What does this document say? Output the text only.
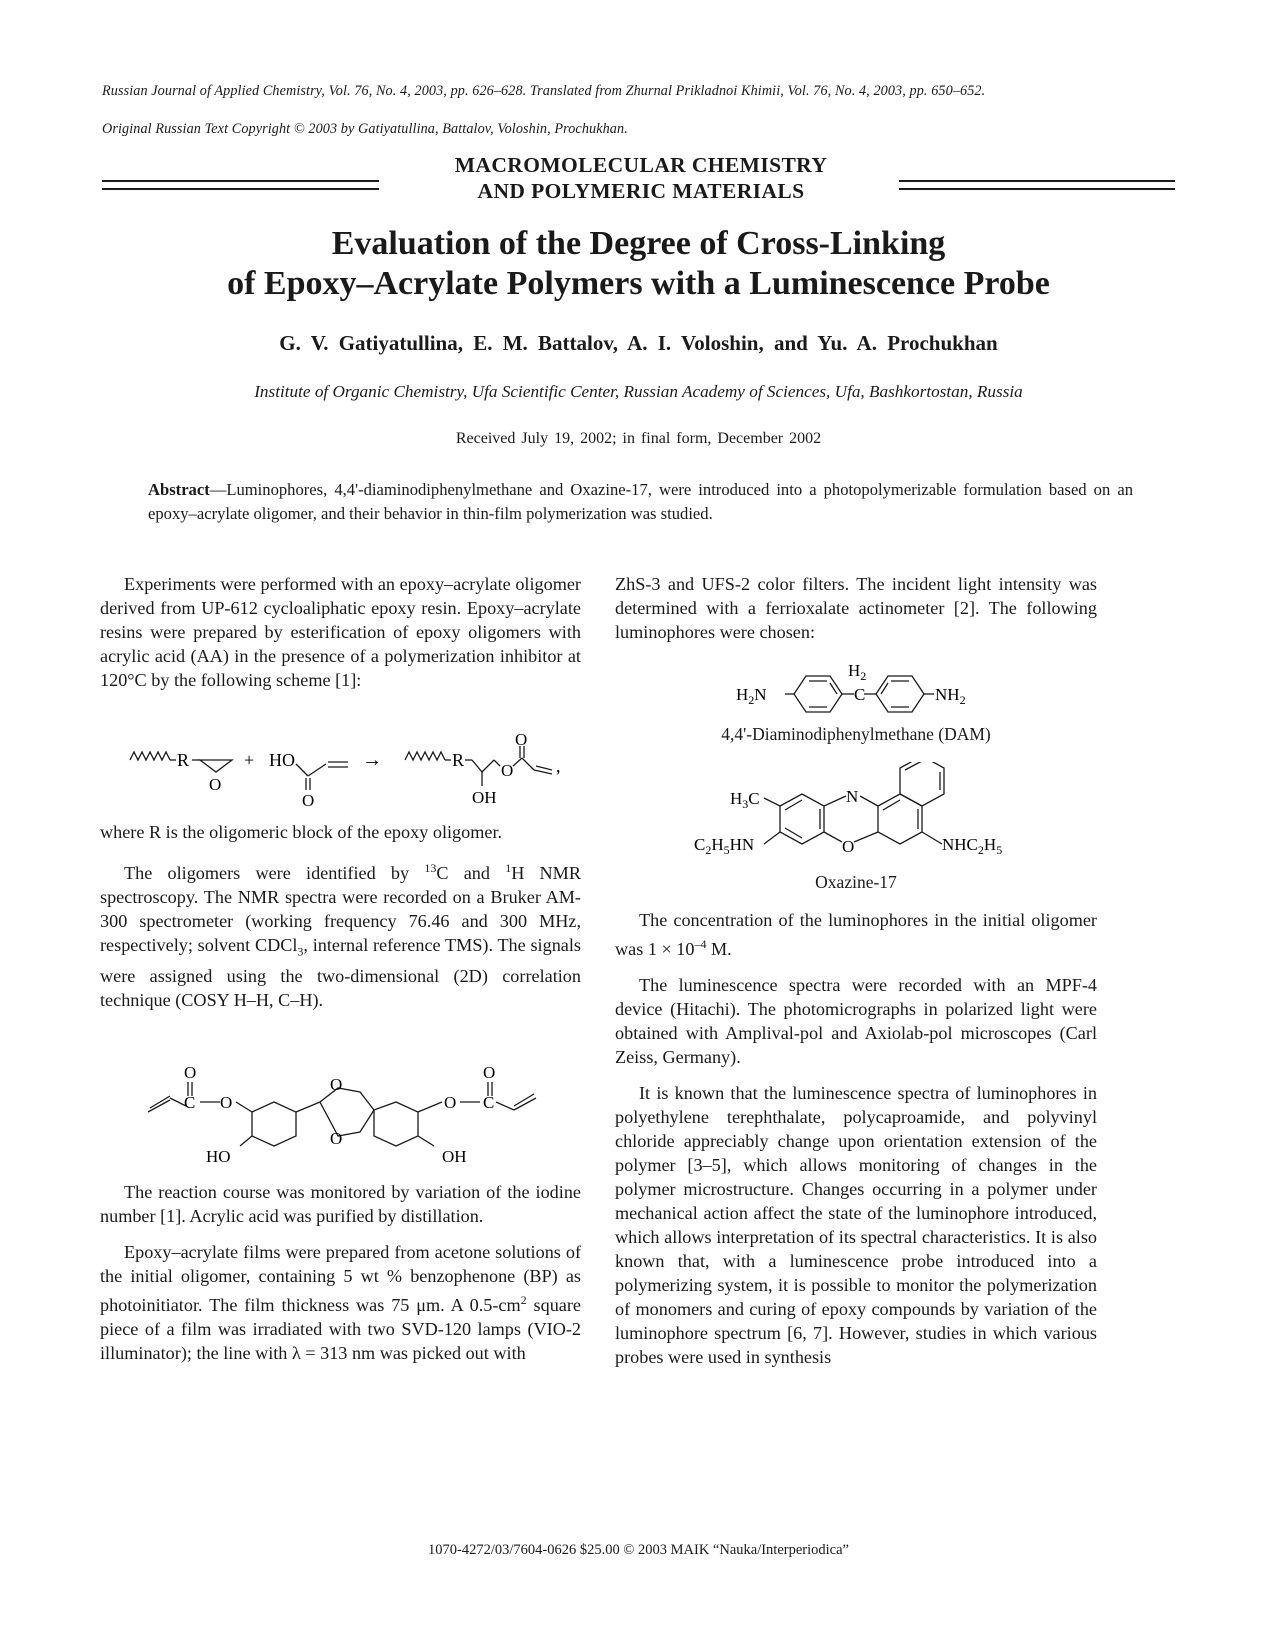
Russian Journal of Applied Chemistry, Vol. 76, No. 4, 2003, pp. 626–628. Translated from Zhurnal Prikladnoi Khimii, Vol. 76, No. 4, 2003, pp. 650–652.
Original Russian Text Copyright © 2003 by Gatiyatullina, Battalov, Voloshin, Prochukhan.
MACROMOLECULAR CHEMISTRY
AND POLYMERIC MATERIALS
Evaluation of the Degree of Cross-Linking
of Epoxy–Acrylate Polymers with a Luminescence Probe
G. V. Gatiyatullina, E. M. Battalov, A. I. Voloshin, and Yu. A. Prochukhan
Institute of Organic Chemistry, Ufa Scientific Center, Russian Academy of Sciences, Ufa, Bashkortostan, Russia
Received July 19, 2002; in final form, December 2002
Abstract—Luminophores, 4,4'-diaminodiphenylmethane and Oxazine-17, were introduced into a photopolymerizable formulation based on an epoxy–acrylate oligomer, and their behavior in thin-film polymerization was studied.

Experiments were performed with an epoxy–acrylate oligomer derived from UP-612 cycloaliphatic epoxy resin. Epoxy–acrylate resins were prepared by esterification of epoxy oligomers with acrylic acid (AA) in the presence of a polymerization inhibitor at 120°C by the following scheme [1]:

R
O
+ HO
O
→	R
O
O
OH
,

where R is the oligomeric block of the epoxy oligomer.

The oligomers were identified by $^{13}$C and $^1$H NMR spectroscopy. The NMR spectra were recorded on a Bruker AM-300 spectrometer (working frequency 76.46 and 300 MHz, respectively; solvent CDCl$_3$, internal reference TMS). The signals were assigned using the two-dimensional (2D) correlation technique (COSY H–H, C–H).

O
C O
HO
O
O
O C
O
OH

The reaction course was monitored by variation of the iodine number [1]. Acrylic acid was purified by distillation.

Epoxy–acrylate films were prepared from acetone solutions of the initial oligomer, containing 5 wt % benzophenone (BP) as photoinitiator. The film thickness was 75 μm. A $0.5-cm^2$ square piece of a film was irradiated with two SVD-120 lamps (VIO-2 illuminator); the line with λ = 313 nm was picked out with

ZhS-3 and UFS-2 color filters. The incident light intensity was determined with a ferrioxalate actinometer [2]. The following luminophores were chosen:

$H_2N$
$H_2$
C	$NH_2$
4,4'-Diaminodiphenylmethane (DAM)
$H_3C$	N
O
$C_2H_5HN$	$NHC_2H_5$
Oxazine-17

The concentration of the luminophores in the initial oligomer was $1 \times 10^{-4}$ M.

The luminescence spectra were recorded with an MPF-4 device (Hitachi). The photomicrographs in polarized light were obtained with Amplival-pol and Axiolab-pol microscopes (Carl Zeiss, Germany).

It is known that the luminescence spectra of luminophores in polyethylene terephthalate, polycaproamide, and polyvinyl chloride appreciably change upon orientation extension of the polymer [3–5], which allows monitoring of changes in the polymer microstructure. Changes occurring in a polymer under mechanical action affect the state of the luminophore introduced, which allows interpretation of its spectral characteristics. It is also known that, with a luminescence probe introduced into a polymerizing system, it is possible to monitor the polymerization of monomers and curing of epoxy compounds by variation of the luminophore spectrum [6, 7]. However, studies in which various probes were used in synthesis

1070-4272/03/7604-0626 $25.00 © 2003 MAIK “Nauka/Interperiodica”
